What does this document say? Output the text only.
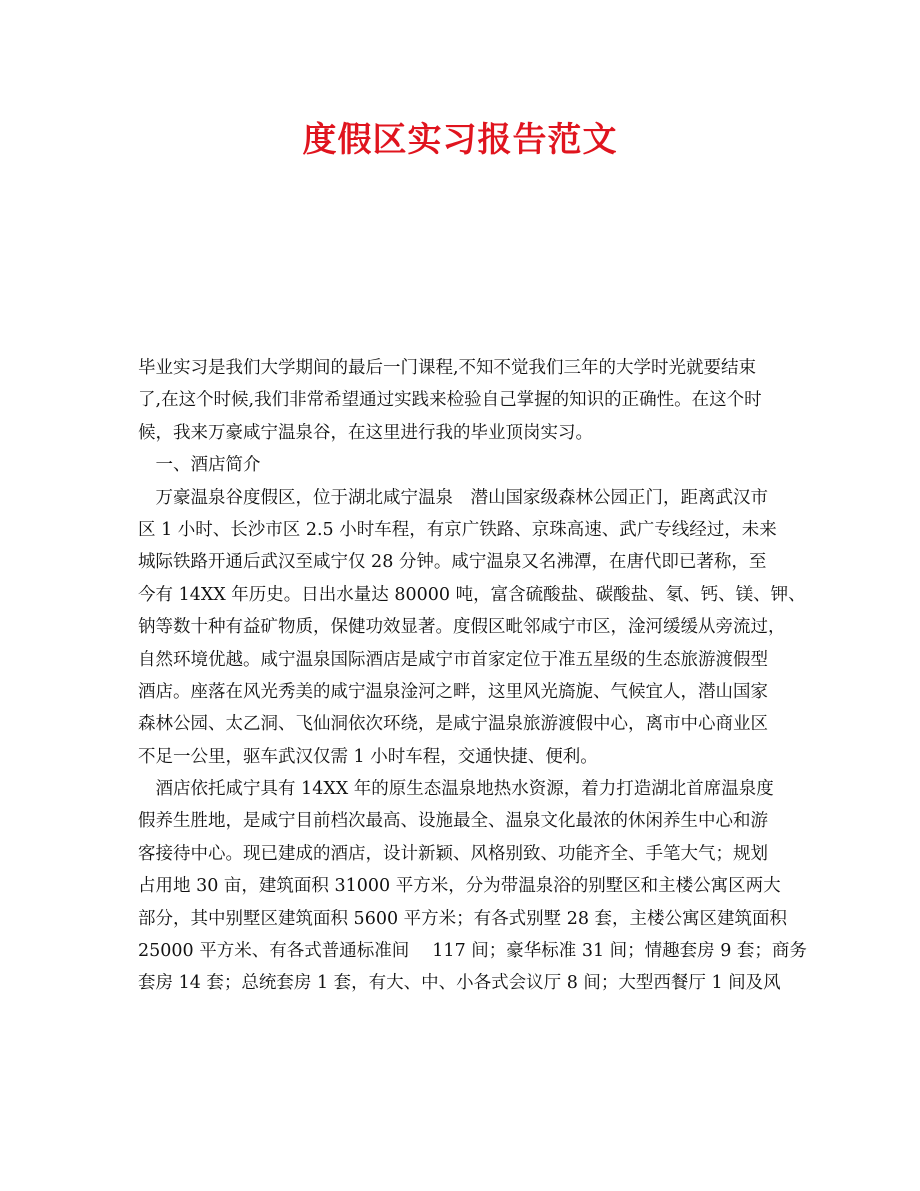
度假区实习报告范文
毕业实习是我们大学期间的最后一门课程,不知不觉我们三年的大学时光就要结束
了,在这个时候,我们非常希望通过实践来检验自己掌握的知识的正确性。在这个时
候，我来万豪咸宁温泉谷，在这里进行我的毕业顶岗实习。
　一、酒店简介
　万豪温泉谷度假区，位于湖北咸宁温泉　潜山国家级森林公园正门，距离武汉市
区 1 小时、长沙市区 2.5 小时车程，有京广铁路、京珠高速、武广专线经过，未来
城际铁路开通后武汉至咸宁仅 28 分钟。咸宁温泉又名沸潭，在唐代即已著称，至
今有 14XX 年历史。日出水量达 80000 吨，富含硫酸盐、碳酸盐、氡、钙、镁、钾、
钠等数十种有益矿物质，保健功效显著。度假区毗邻咸宁市区，淦河缓缓从旁流过，
自然环境优越。咸宁温泉国际酒店是咸宁市首家定位于准五星级的生态旅游渡假型
酒店。座落在风光秀美的咸宁温泉淦河之畔，这里风光旖旎、气候宜人，潜山国家
森林公园、太乙洞、飞仙洞依次环绕，是咸宁温泉旅游渡假中心，离市中心商业区
不足一公里，驱车武汉仅需 1 小时车程，交通快捷、便利。
　酒店依托咸宁具有 14XX 年的原生态温泉地热水资源，着力打造湖北首席温泉度
假养生胜地，是咸宁目前档次最高、设施最全、温泉文化最浓的休闲养生中心和游
客接待中心。现已建成的酒店，设计新颖、风格别致、功能齐全、手笔大气；规划
占用地 30 亩，建筑面积 31000 平方米，分为带温泉浴的别墅区和主楼公寓区两大
部分，其中别墅区建筑面积 5600 平方米；有各式别墅 28 套，主楼公寓区建筑面积
25000 平方米、有各式普通标准间　 117 间；豪华标准 31 间；情趣套房 9 套；商务
套房 14 套；总统套房 1 套，有大、中、小各式会议厅 8 间；大型西餐厅 1 间及风
